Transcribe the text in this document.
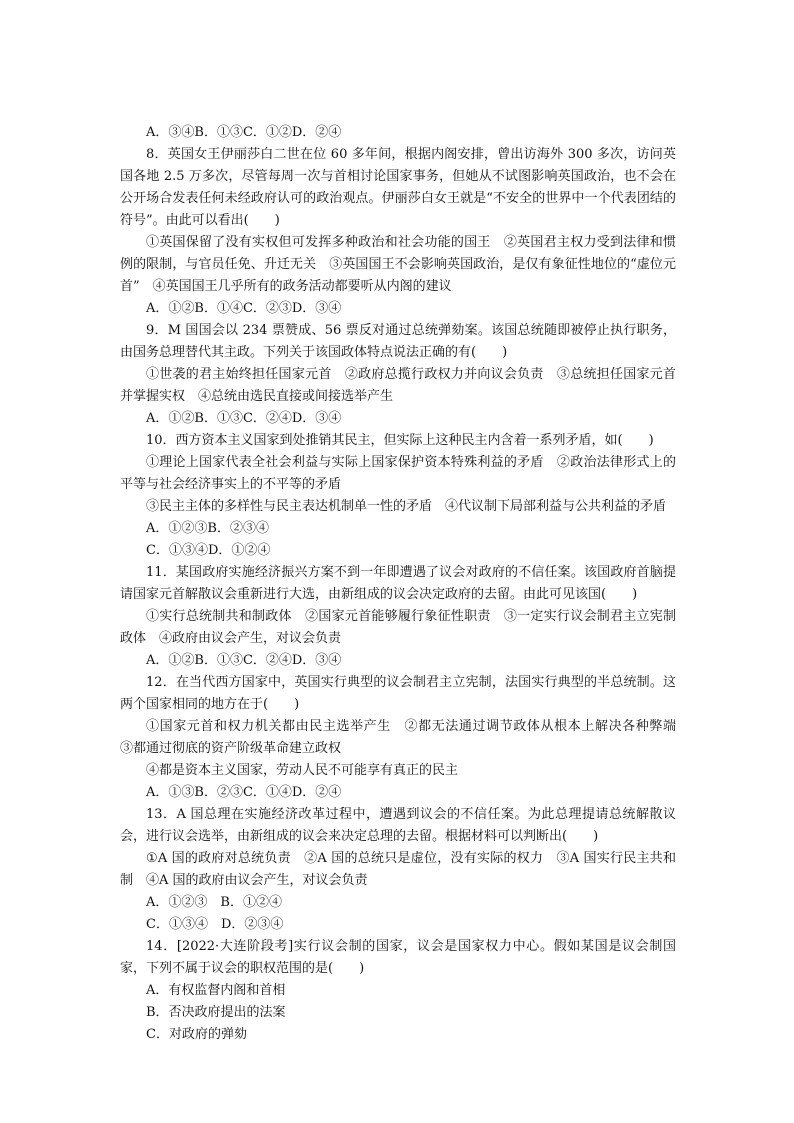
A．③④B．①③C．①②D．②④
8．英国女王伊丽莎白二世在位 60 多年间，根据内阁安排，曾出访海外 300 多次，访问英国各地 2.5 万多次，尽管每周一次与首相讨论国家事务，但她从不试图影响英国政治，也不会在公开场合发表任何未经政府认可的政治观点。伊丽莎白女王就是“不安全的世界中一个代表团结的符号”。由此可以看出(　　)
①英国保留了没有实权但可发挥多种政治和社会功能的国王　②英国君主权力受到法律和惯例的限制，与官员任免、升迁无关　③英国国王不会影响英国政治，是仅有象征性地位的“虚位元首”　④英国国王几乎所有的政务活动都要听从内阁的建议
A．①②B．①④C．②③D．③④
9．M 国国会以 234 票赞成、56 票反对通过总统弹劾案。该国总统随即被停止执行职务，由国务总理替代其主政。下列关于该国政体特点说法正确的有(　　)
①世袭的君主始终担任国家元首　②政府总揽行政权力并向议会负责　③总统担任国家元首并掌握实权　④总统由选民直接或间接选举产生
A．①②B．①③C．②④D．③④
10．西方资本主义国家到处推销其民主，但实际上这种民主内含着一系列矛盾，如(　　)
①理论上国家代表全社会利益与实际上国家保护资本特殊利益的矛盾　②政治法律形式上的平等与社会经济事实上的不平等的矛盾
③民主主体的多样性与民主表达机制单一性的矛盾　④代议制下局部利益与公共利益的矛盾
A．①②③B．②③④
C．①③④D．①②④
11．某国政府实施经济振兴方案不到一年即遭遇了议会对政府的不信任案。该国政府首脑提请国家元首解散议会重新进行大选，由新组成的议会决定政府的去留。由此可见该国(　　)
①实行总统制共和制政体　②国家元首能够履行象征性职责　③一定实行议会制君主立宪制政体　④政府由议会产生，对议会负责
A．①②B．①③C．②④D．③④
12．在当代西方国家中，英国实行典型的议会制君主立宪制，法国实行典型的半总统制。这两个国家相同的地方在于(　　)
①国家元首和权力机关都由民主选举产生　②都无法通过调节政体从根本上解决各种弊端　③都通过彻底的资产阶级革命建立政权
④都是资本主义国家，劳动人民不可能享有真正的民主
A．①③B．②③C．①④D．②④
13．A 国总理在实施经济改革过程中，遭遇到议会的不信任案。为此总理提请总统解散议会，进行议会选举，由新组成的议会来决定总理的去留。根据材料可以判断出(　　)
①A 国的政府对总统负责　②A 国的总统只是虚位，没有实际的权力　③A 国实行民主共和制　④A 国的政府由议会产生，对议会负责
A．①②③　B．①②④
C．①③④　D．②③④
14．[2022·大连阶段考]实行议会制的国家，议会是国家权力中心。假如某国是议会制国家，下列不属于议会的职权范围的是(　　)
A．有权监督内阁和首相
B．否决政府提出的法案
C．对政府的弹劾
